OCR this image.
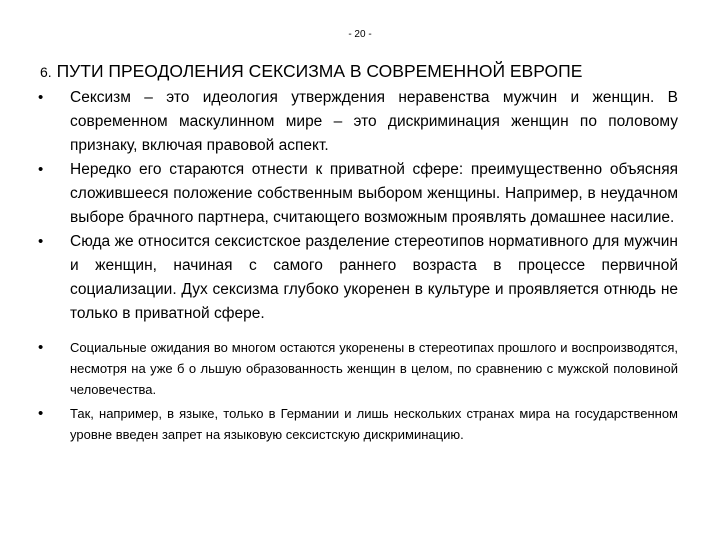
- 20 -
6. ПУТИ ПРЕОДОЛЕНИЯ СЕКСИЗМА В СОВРЕМЕННОЙ ЕВРОПЕ
•	Сексизм – это идеология утверждения неравенства мужчин и женщин. В современном маскулинном мире – это дискриминация женщин по половому признаку, включая правовой аспект.
•	Нередко его стараются отнести к приватной сфере: преимущественно объясняя сложившееся положение собственным выбором женщины. Например, в неудачном выборе брачного партнера, считающего возможным проявлять домашнее насилие.
•	Сюда же относится сексистское разделение стереотипов нормативного для мужчин и женщин, начиная с самого раннего возраста в процессе первичной социализации. Дух сексизма глубоко укоренен в культуре и проявляется отнюдь не только в приватной сфере.
•	Социальные ожидания во многом остаются укоренены в стереотипах прошлого и воспроизводятся, несмотря на уже б о льшую образованность женщин в целом, по сравнению с мужской половиной человечества.
•	Так, например, в языке, только в Германии и лишь нескольких странах мира на государственном уровне введен запрет на языковую сексистскую дискриминацию.
